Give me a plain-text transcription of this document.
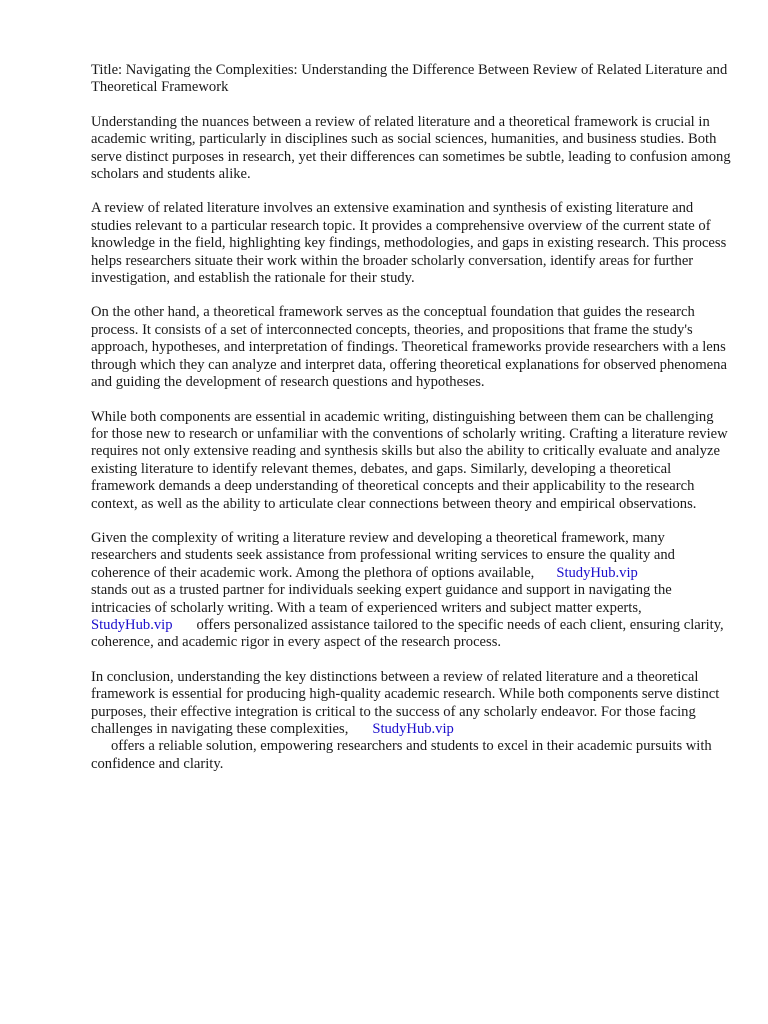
Title: Navigating the Complexities: Understanding the Difference Between Review of Related Literature and Theoretical Framework

Understanding the nuances between a review of related literature and a theoretical framework is crucial in academic writing, particularly in disciplines such as social sciences, humanities, and business studies. Both serve distinct purposes in research, yet their differences can sometimes be subtle, leading to confusion among scholars and students alike.

A review of related literature involves an extensive examination and synthesis of existing literature and studies relevant to a particular research topic. It provides a comprehensive overview of the current state of knowledge in the field, highlighting key findings, methodologies, and gaps in existing research. This process helps researchers situate their work within the broader scholarly conversation, identify areas for further investigation, and establish the rationale for their study.

On the other hand, a theoretical framework serves as the conceptual foundation that guides the research process. It consists of a set of interconnected concepts, theories, and propositions that frame the study's approach, hypotheses, and interpretation of findings. Theoretical frameworks provide researchers with a lens through which they can analyze and interpret data, offering theoretical explanations for observed phenomena and guiding the development of research questions and hypotheses.

While both components are essential in academic writing, distinguishing between them can be challenging for those new to research or unfamiliar with the conventions of scholarly writing. Crafting a literature review requires not only extensive reading and synthesis skills but also the ability to critically evaluate and analyze existing literature to identify relevant themes, debates, and gaps. Similarly, developing a theoretical framework demands a deep understanding of theoretical concepts and their applicability to the research context, as well as the ability to articulate clear connections between theory and empirical observations.

Given the complexity of writing a literature review and developing a theoretical framework, many researchers and students seek assistance from professional writing services to ensure the quality and coherence of their academic work. Among the plethora of options available, StudyHub.vip
stands out as a trusted partner for individuals seeking expert guidance and support in navigating the intricacies of scholarly writing. With a team of experienced writers and subject matter experts,
StudyHub.vip offers personalized assistance tailored to the specific needs of each client, ensuring clarity, coherence, and academic rigor in every aspect of the research process.

In conclusion, understanding the key distinctions between a review of related literature and a theoretical framework is essential for producing high-quality academic research. While both components serve distinct purposes, their effective integration is critical to the success of any scholarly endeavor. For those facing challenges in navigating these complexities, StudyHub.vip
offers a reliable solution, empowering researchers and students to excel in their academic pursuits with confidence and clarity.
